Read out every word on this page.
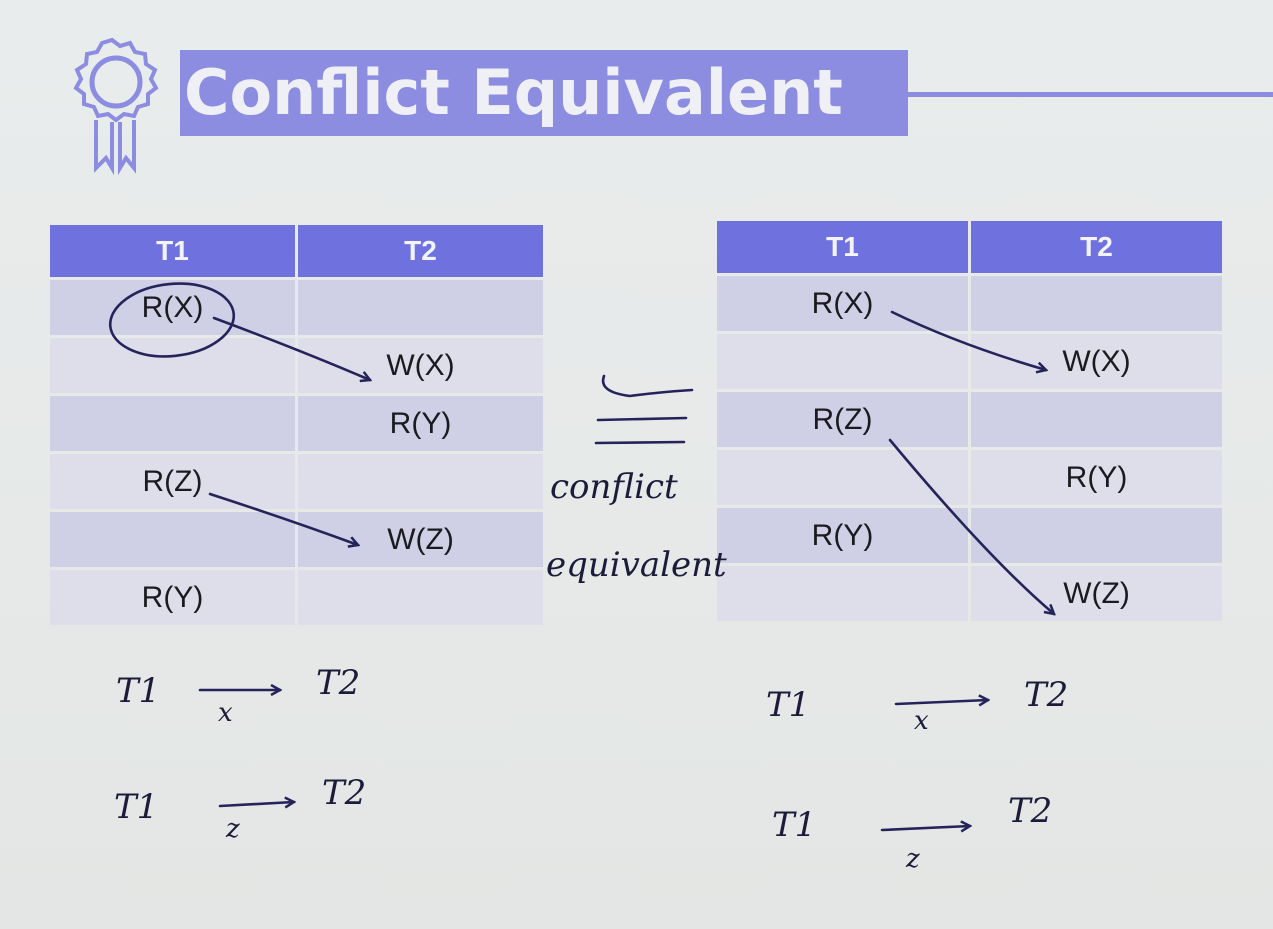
Conflict Equivalent
T1	T2
R(X)	
	W(X)
	R(Y)
R(Z)	
	W(Z)
R(Y)	
T1	T2
R(X)	
	W(X)
R(Z)	
	R(Y)
R(Y)	
	W(Z)
conflict
equivalent
T1	T2
x
T1	T2
z
T1	T2
x
T1	T2
z
